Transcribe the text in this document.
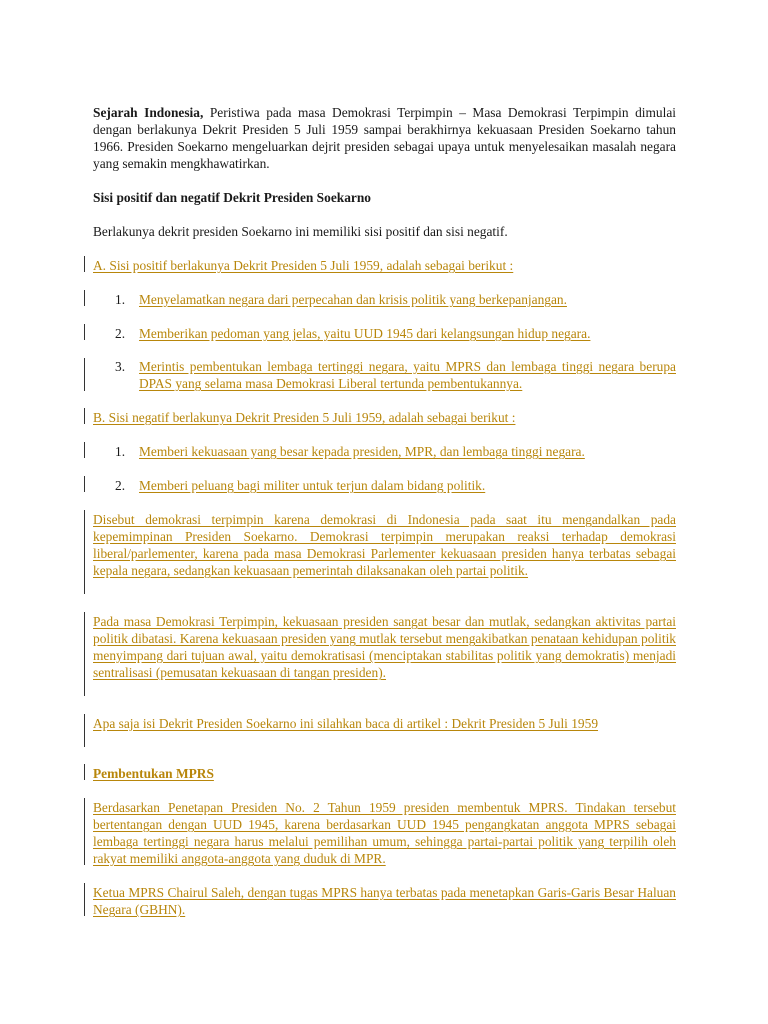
Sejarah Indonesia, Peristiwa pada masa Demokrasi Terpimpin – Masa Demokrasi Terpimpin dimulai dengan berlakunya Dekrit Presiden 5 Juli 1959 sampai berakhirnya kekuasaan Presiden Soekarno tahun 1966. Presiden Soekarno mengeluarkan dejrit presiden sebagai upaya untuk menyelesaikan masalah negara yang semakin mengkhawatirkan.
Sisi positif dan negatif Dekrit Presiden Soekarno
Berlakunya dekrit presiden Soekarno ini memiliki sisi positif dan sisi negatif.
A. Sisi positif berlakunya Dekrit Presiden 5 Juli 1959, adalah sebagai berikut :
1. Menyelamatkan negara dari perpecahan dan krisis politik yang berkepanjangan.
2. Memberikan pedoman yang jelas, yaitu UUD 1945 dari kelangsungan hidup negara.
3. Merintis pembentukan lembaga tertinggi negara, yaitu MPRS dan lembaga tinggi negara berupa DPAS yang selama masa Demokrasi Liberal tertunda pembentukannya.
B. Sisi negatif berlakunya Dekrit Presiden 5 Juli 1959, adalah sebagai berikut :
1. Memberi kekuasaan yang besar kepada presiden, MPR, dan lembaga tinggi negara.
2. Memberi peluang bagi militer untuk terjun dalam bidang politik.
Disebut demokrasi terpimpin karena demokrasi di Indonesia pada saat itu mengandalkan pada kepemimpinan Presiden Soekarno. Demokrasi terpimpin merupakan reaksi terhadap demokrasi liberal/parlementer, karena pada masa Demokrasi Parlementer kekuasaan presiden hanya terbatas sebagai kepala negara, sedangkan kekuasaan pemerintah dilaksanakan oleh partai politik.
Pada masa Demokrasi Terpimpin, kekuasaan presiden sangat besar dan mutlak, sedangkan aktivitas partai politik dibatasi. Karena kekuasaan presiden yang mutlak tersebut mengakibatkan penataan kehidupan politik menyimpang dari tujuan awal, yaitu demokratisasi (menciptakan stabilitas politik yang demokratis) menjadi sentralisasi (pemusatan kekuasaan di tangan presiden).
Apa saja isi Dekrit Presiden Soekarno ini silahkan baca di artikel : Dekrit Presiden 5 Juli 1959
Pembentukan MPRS
Berdasarkan Penetapan Presiden No. 2 Tahun 1959 presiden membentuk MPRS. Tindakan tersebut bertentangan dengan UUD 1945, karena berdasarkan UUD 1945 pengangkatan anggota MPRS sebagai lembaga tertinggi negara harus melalui pemilihan umum, sehingga partai-partai politik yang terpilih oleh rakyat memiliki anggota-anggota yang duduk di MPR.
Ketua MPRS Chairul Saleh, dengan tugas MPRS hanya terbatas pada menetapkan Garis-Garis Besar Haluan Negara (GBHN).
